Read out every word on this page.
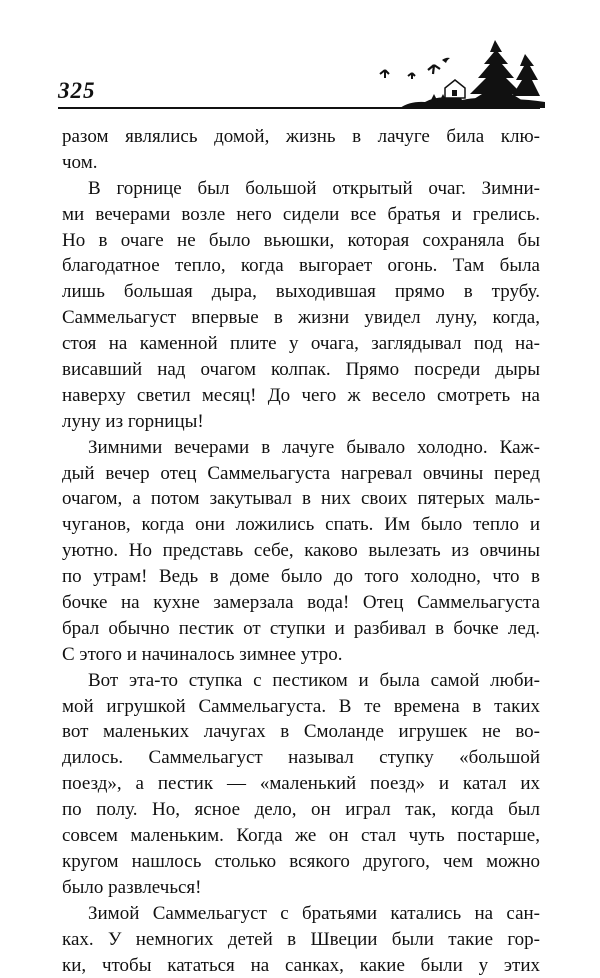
325
разом являлись домой, жизнь в лачуге била клю-
чом.
В горнице был большой открытый очаг. Зимни-
ми вечерами возле него сидели все братья и грелись.
Но в очаге не было вьюшки, которая сохраняла бы
благодатное тепло, когда выгорает огонь. Там была
лишь большая дыра, выходившая прямо в трубу.
Саммельагуст впервые в жизни увидел луну, когда,
стоя на каменной плите у очага, заглядывал под на-
висавший над очагом колпак. Прямо посреди дыры
наверху светил месяц! До чего ж весело смотреть на
луну из горницы!
Зимними вечерами в лачуге бывало холодно. Каж-
дый вечер отец Саммельагуста нагревал овчины перед
очагом, а потом закутывал в них своих пятерых маль-
чуганов, когда они ложились спать. Им было тепло и
уютно. Но представь себе, каково вылезать из овчины
по утрам! Ведь в доме было до того холодно, что в
бочке на кухне замерзала вода! Отец Саммельагуста
брал обычно пестик от ступки и разбивал в бочке лед.
С этого и начиналось зимнее утро.
Вот эта-то ступка с пестиком и была самой люби-
мой игрушкой Саммельагуста. В те времена в таких
вот маленьких лачугах в Смоланде игрушек не во-
дилось. Саммельагуст называл ступку «большой
поезд», а пестик — «маленький поезд» и катал их
по полу. Но, ясное дело, он играл так, когда был
совсем маленьким. Когда же он стал чуть постарше,
кругом нашлось столько всякого другого, чем можно
было развлечься!
Зимой Саммельагуст с братьями катались на сан-
ках. У немногих детей в Швеции были такие гор-
ки, чтобы кататься на санках, какие были у этих
